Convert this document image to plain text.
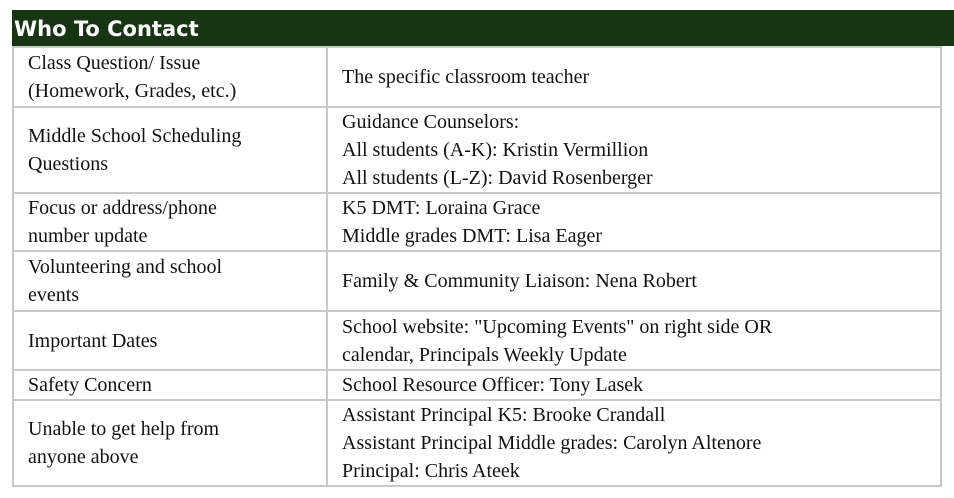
Who To Contact
Class Question/ Issue
(Homework, Grades, etc.)	The specific classroom teacher

Middle School Scheduling
Questions	Guidance Counselors:
All students (A-K): Kristin Vermillion
All students (L-Z): David Rosenberger

Focus or address/phone
number update	K5 DMT: Loraina Grace
Middle grades DMT: Lisa Eager

Volunteering and school
events	Family & Community Liaison: Nena Robert

Important Dates	School website: "Upcoming Events" on right side OR
calendar, Principals Weekly Update

Safety Concern	School Resource Officer: Tony Lasek

Unable to get help from
anyone above	Assistant Principal K5: Brooke Crandall
Assistant Principal Middle grades: Carolyn Altenore
Principal: Chris Ateek
